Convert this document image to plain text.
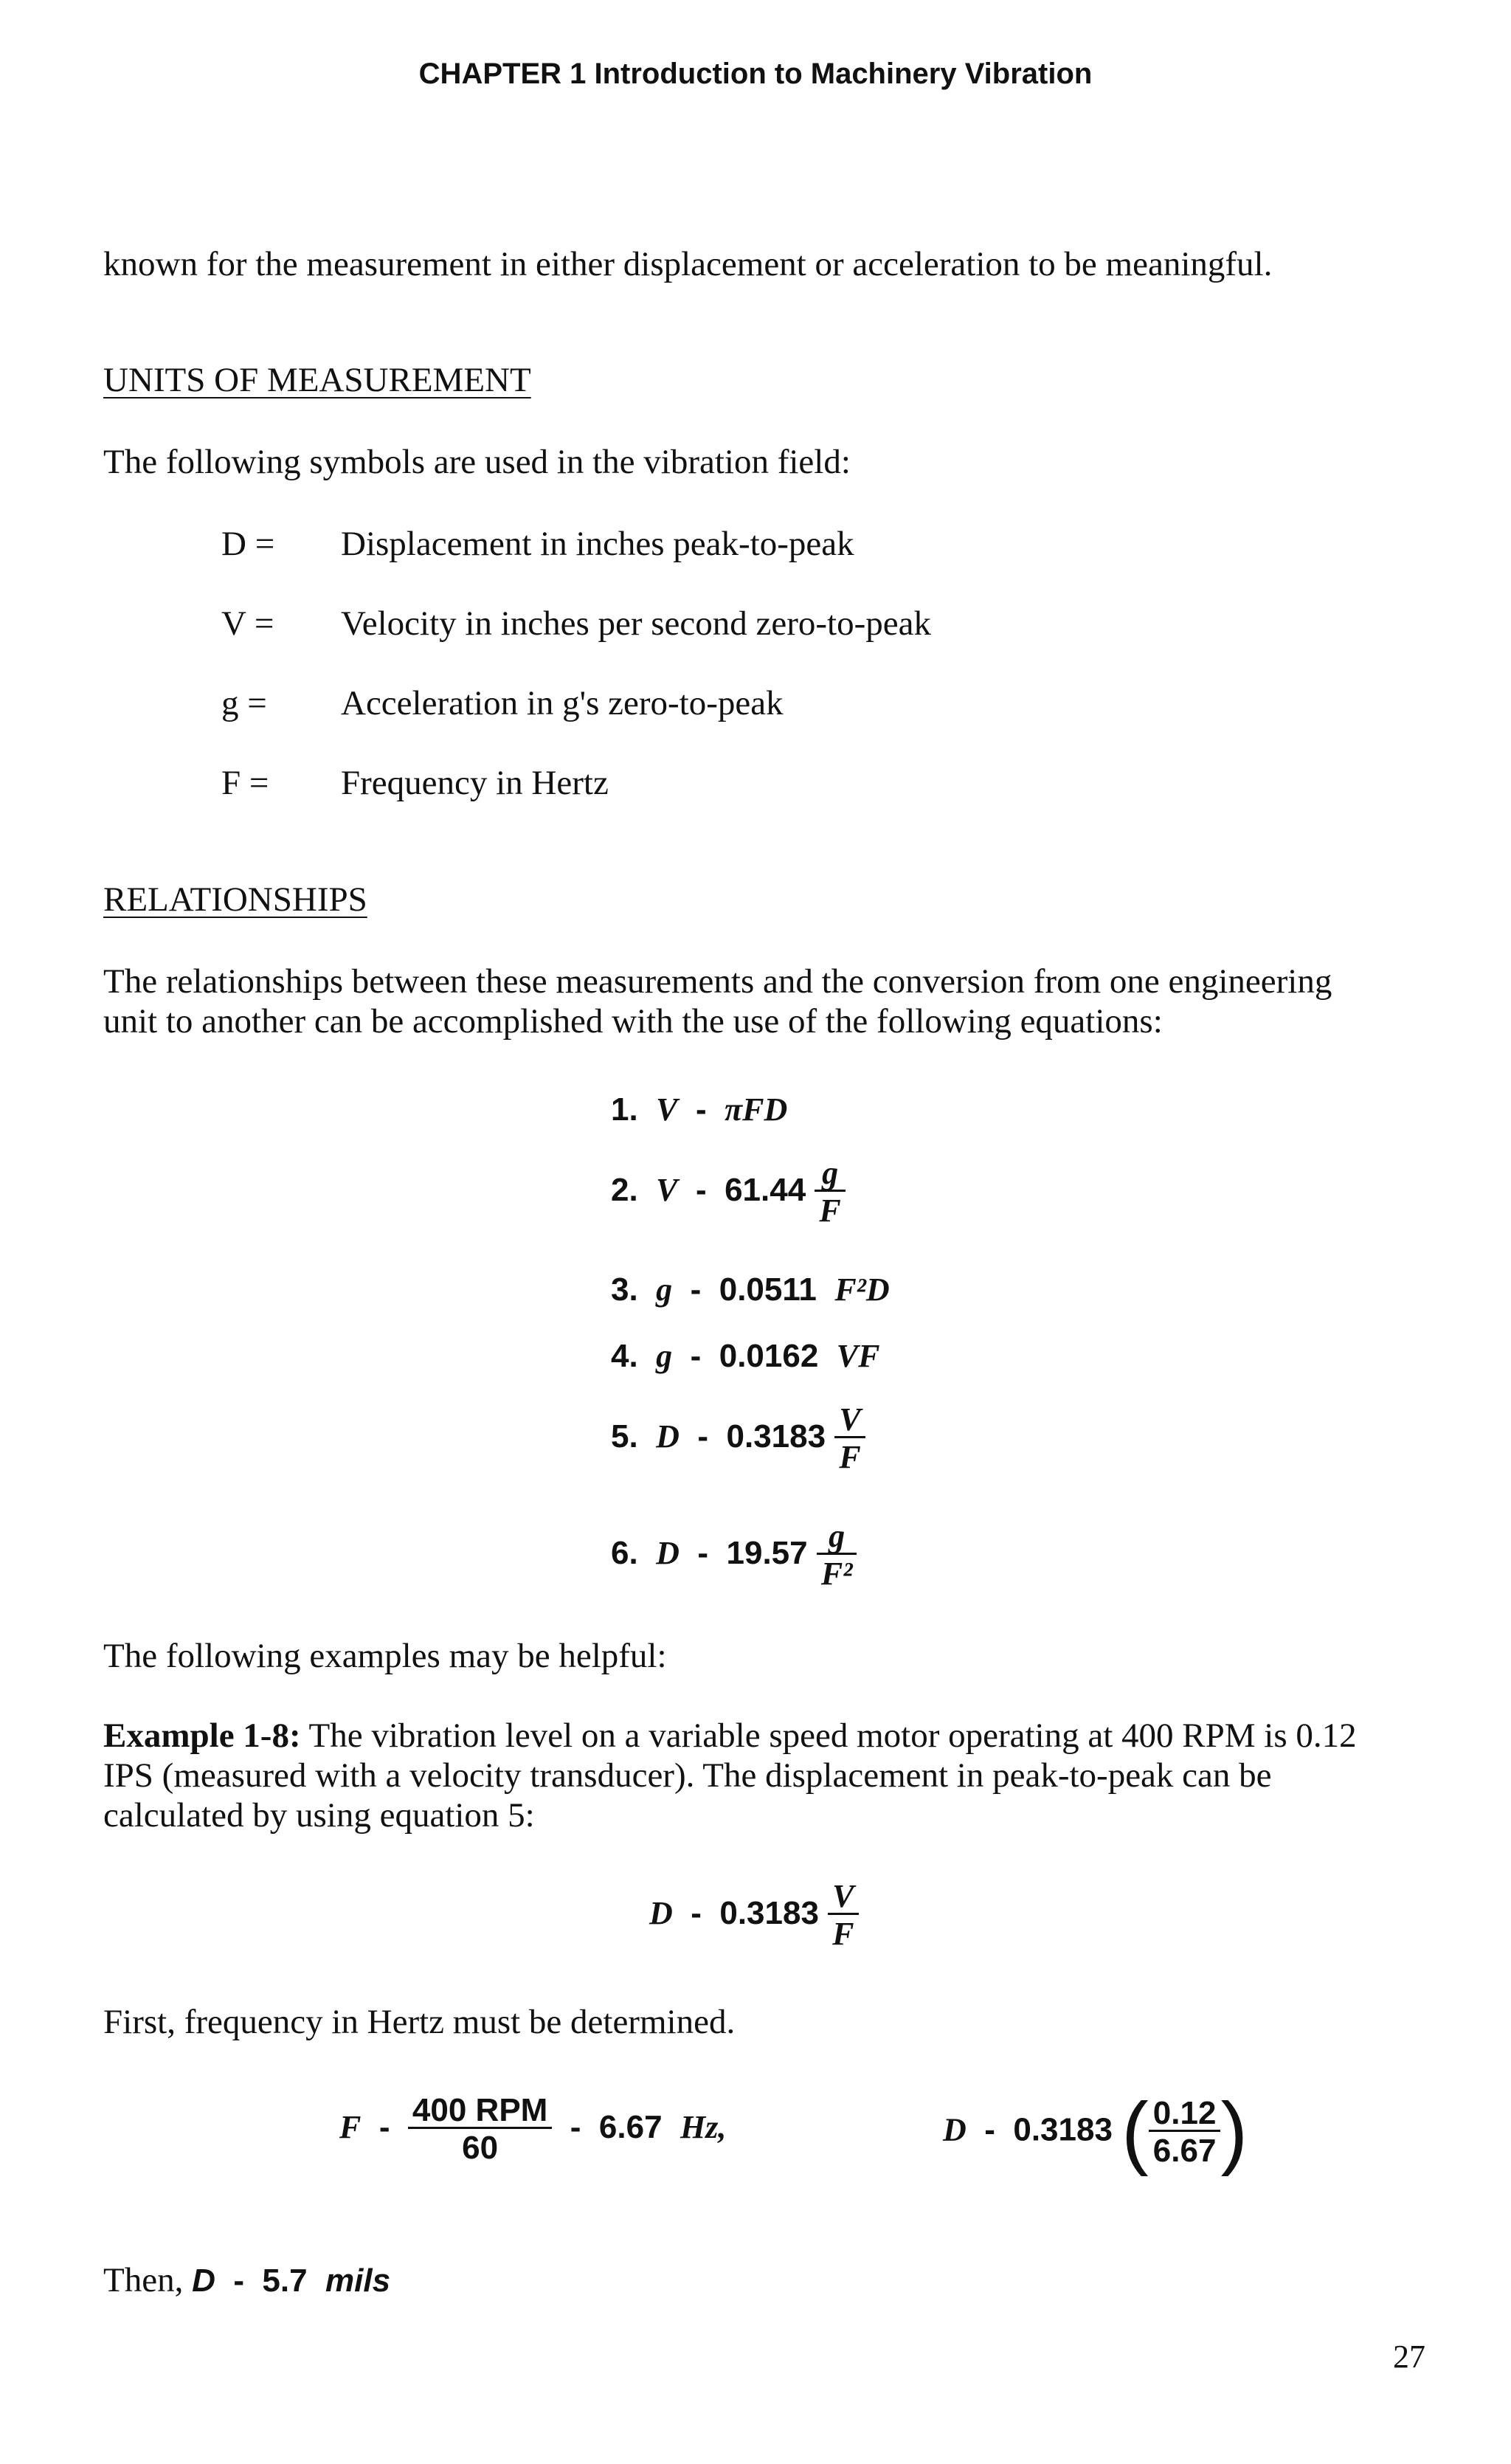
CHAPTER 1 Introduction to Machinery Vibration
known for the measurement in either displacement or acceleration to be meaningful.
UNITS OF MEASUREMENT
The following symbols are used in the vibration field:
D = Displacement in inches peak-to-peak
V = Velocity in inches per second zero-to-peak
g = Acceleration in g's zero-to-peak
F = Frequency in Hertz
RELATIONSHIPS
The relationships between these measurements and the conversion from one engineering
unit to another can be accomplished with the use of the following equations:
1. V - πFD
2. V - $61.44 \frac{g}{F}$
3. g - 0.0511 F²D
4. g - 0.0162 VF
5. D - $0.3183 \frac{V}{F}$
6. D - $19.57 \frac{g}{\text{F²}}$
The following examples may be helpful:
Example 1-8: The vibration level on a variable speed motor operating at 400 RPM is 0.12
IPS (measured with a velocity transducer). The displacement in peak-to-peak can be
calculated by using equation 5:
D - $0.3183 \frac{V}{F}$
First, frequency in Hertz must be determined.
F - $\frac{\text{400 RPM}}{60} - 6.67$ Hz,	D - 0.3183 ( $\frac{0.12}{6.67}$ )
Then, D - 5.7 mils
27
